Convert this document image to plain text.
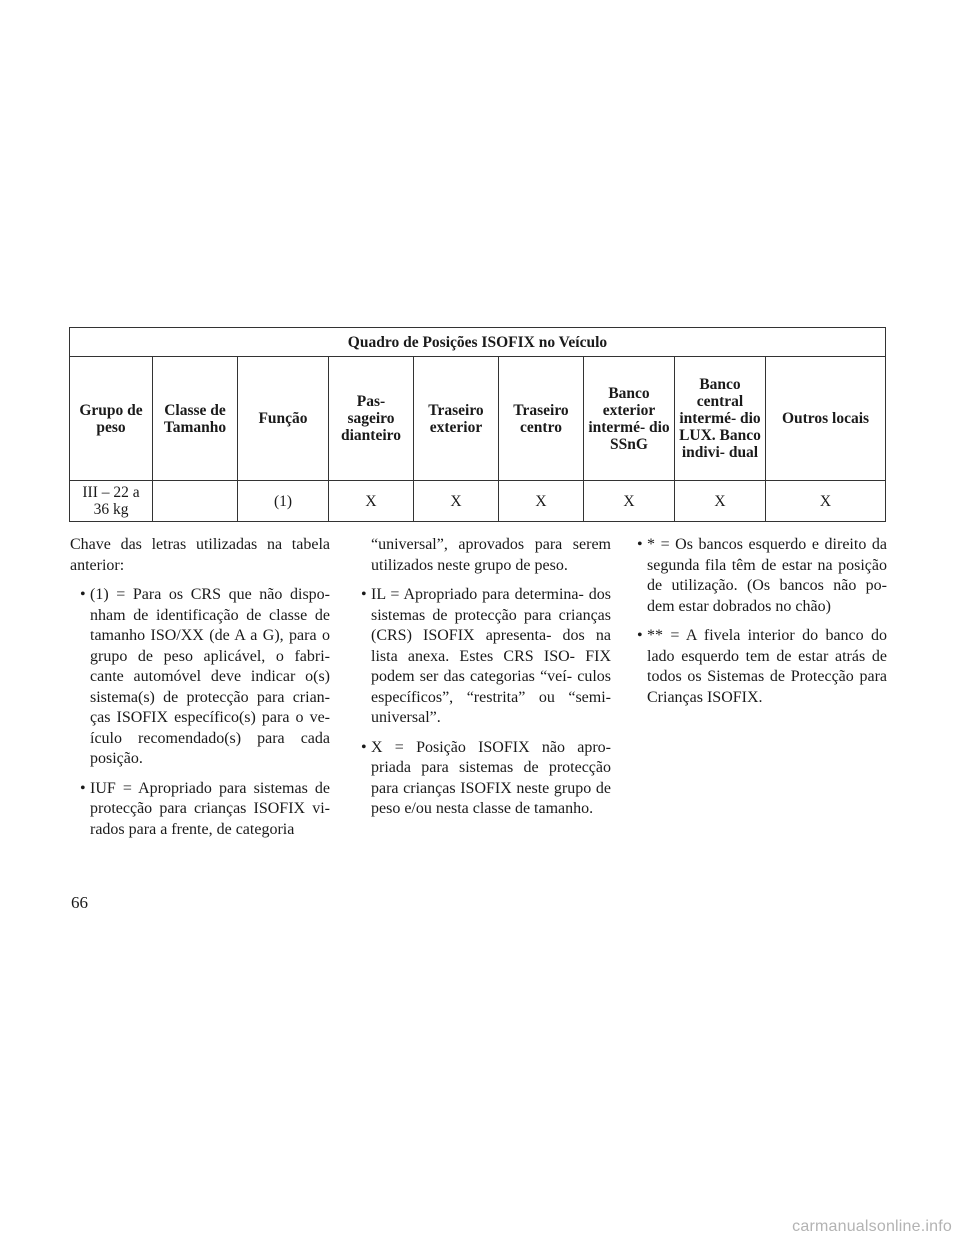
Quadro de Posições ISOFIX no Veículo								
Grupo de peso	Classe de Tamanho	Função	Pas- sageiro dianteiro	Traseiro exterior	Traseiro centro	Banco exterior intermé- dio SSnG	Banco central intermé- dio LUX. Banco indivi- dual	Outros locais
III – 22 a 36 kg		(1)	X	X	X	X	X	X

Chave das letras utilizadas na tabela anterior:

• (1) = Para os CRS que não dispo- nham de identificação de classe de tamanho ISO/XX (de A a G), para o grupo de peso aplicável, o fabri- cante automóvel deve indicar o(s) sistema(s) de protecção para crian- ças ISOFIX específico(s) para o ve- ículo recomendado(s) para cada posição.
• IUF = Apropriado para sistemas de protecção para crianças ISOFIX vi- rados para a frente, de categoria
“universal”, aprovados para serem utilizados neste grupo de peso.
• IL = Apropriado para determina- dos sistemas de protecção para crianças (CRS) ISOFIX apresenta- dos na lista anexa. Estes CRS ISO- FIX podem ser das categorias “veí- culos específicos”, “restrita” ou “semi-universal”.
• X = Posição ISOFIX não apro- priada para sistemas de protecção para crianças ISOFIX neste grupo de peso e/ou nesta classe de tamanho.
• * = Os bancos esquerdo e direito da segunda fila têm de estar na posição de utilização. (Os bancos não po- dem estar dobrados no chão)
• ** = A fivela interior do banco do lado esquerdo tem de estar atrás de todos os Sistemas de Protecção para Crianças ISOFIX.
66
carmanualsonline.info
